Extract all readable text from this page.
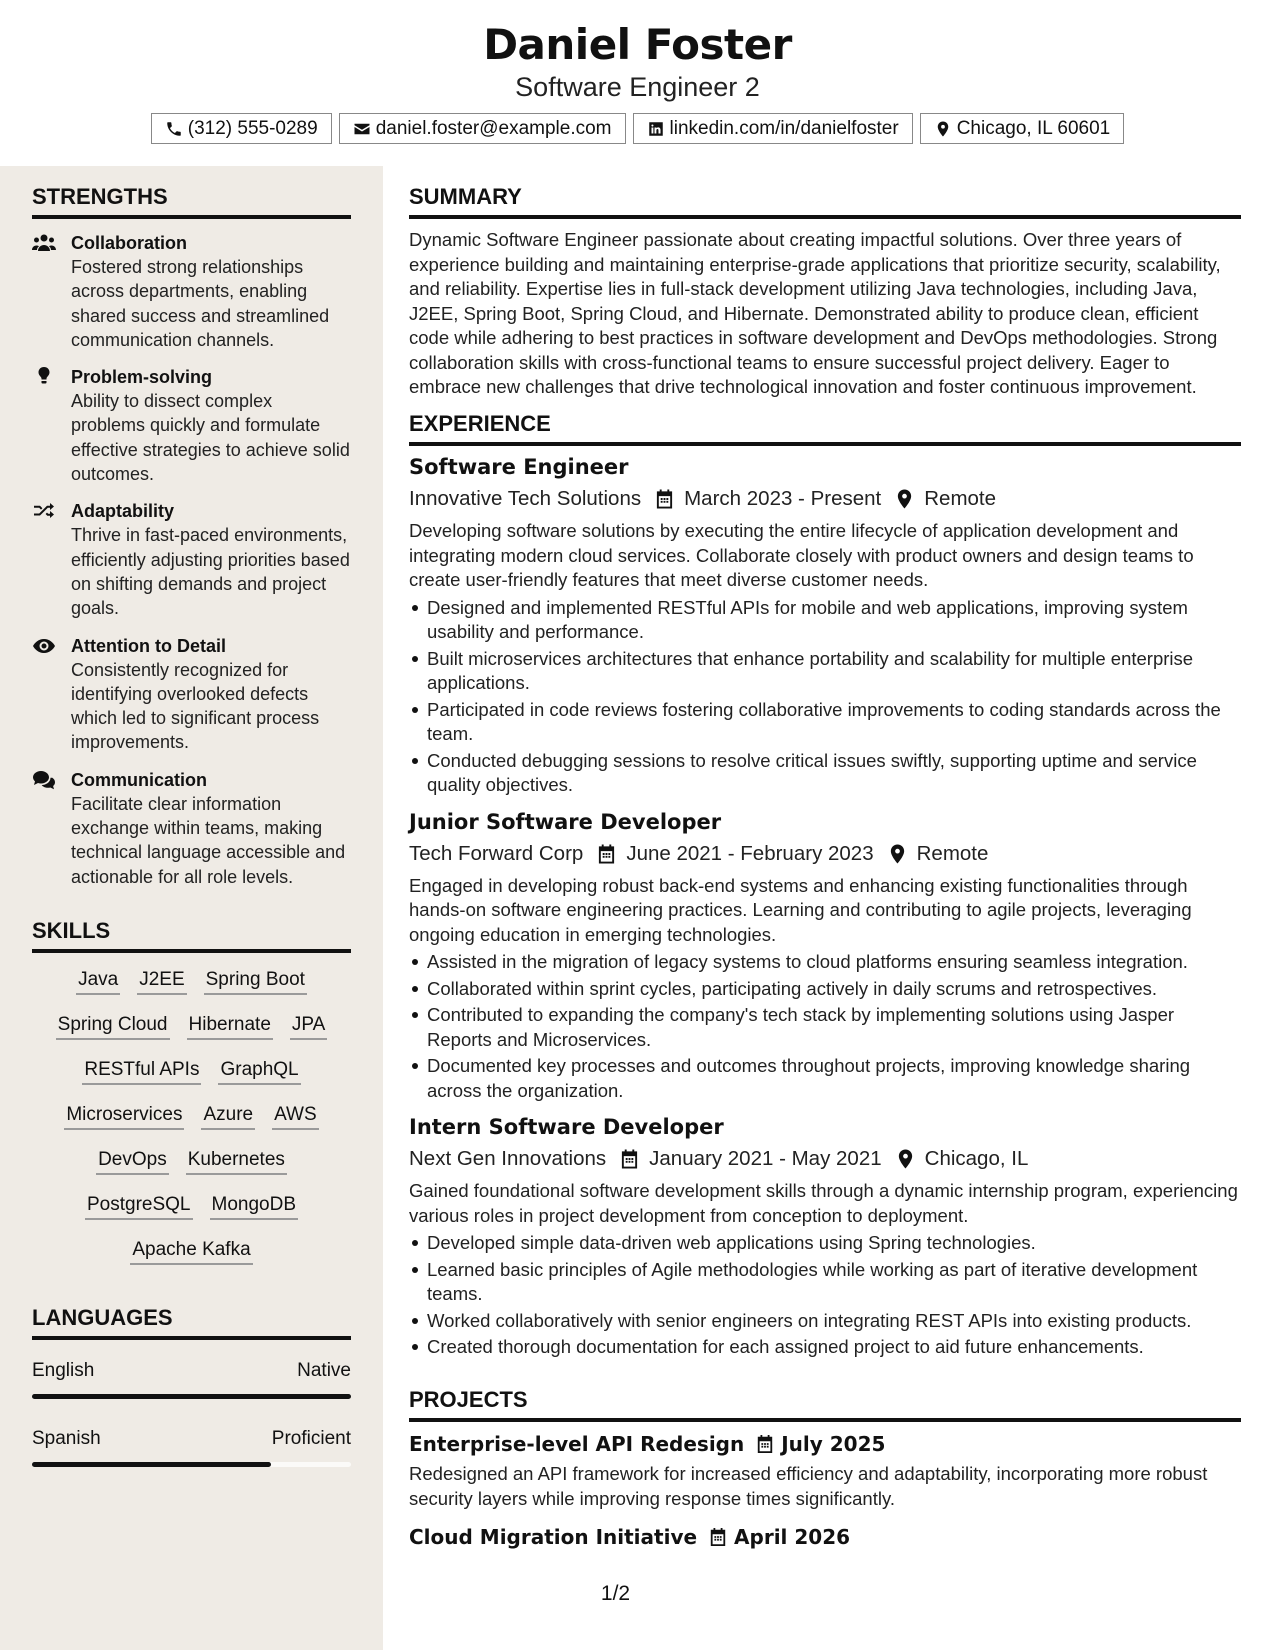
Daniel Foster
Software Engineer 2
(312) 555-0289	daniel.foster@example.com	linkedin.com/in/danielfoster	Chicago, IL 60601
STRENGTHS
Collaboration
Fostered strong relationships across departments, enabling shared success and streamlined communication channels.
Problem-solving
Ability to dissect complex problems quickly and formulate effective strategies to achieve solid outcomes.
Adaptability
Thrive in fast-paced environments, efficiently adjusting priorities based on shifting demands and project goals.
Attention to Detail
Consistently recognized for identifying overlooked defects which led to significant process improvements.
Communication
Facilitate clear information exchange within teams, making technical language accessible and actionable for all role levels.
SKILLS
Java J2EE Spring Boot
Spring Cloud Hibernate JPA
RESTful APIs GraphQL
Microservices Azure AWS
DevOps Kubernetes
PostgreSQL MongoDB
Apache Kafka
LANGUAGES
English	Native
Spanish	Proficient
SUMMARY
Dynamic Software Engineer passionate about creating impactful solutions. Over three years of experience building and maintaining enterprise-grade applications that prioritize security, scalability, and reliability. Expertise lies in full-stack development utilizing Java technologies, including Java, J2EE, Spring Boot, Spring Cloud, and Hibernate. Demonstrated ability to produce clean, efficient code while adhering to best practices in software development and DevOps methodologies. Strong collaboration skills with cross-functional teams to ensure successful project delivery. Eager to embrace new challenges that drive technological innovation and foster continuous improvement.
EXPERIENCE
Software Engineer
Innovative Tech Solutions March 2023 - Present Remote
Developing software solutions by executing the entire lifecycle of application development and integrating modern cloud services. Collaborate closely with product owners and design teams to create user-friendly features that meet diverse customer needs.
Designed and implemented RESTful APIs for mobile and web applications, improving system usability and performance.
Built microservices architectures that enhance portability and scalability for multiple enterprise applications.
Participated in code reviews fostering collaborative improvements to coding standards across the team.
Conducted debugging sessions to resolve critical issues swiftly, supporting uptime and service quality objectives.
Junior Software Developer
Tech Forward Corp June 2021 - February 2023 Remote
Engaged in developing robust back-end systems and enhancing existing functionalities through hands-on software engineering practices. Learning and contributing to agile projects, leveraging ongoing education in emerging technologies.
Assisted in the migration of legacy systems to cloud platforms ensuring seamless integration.
Collaborated within sprint cycles, participating actively in daily scrums and retrospectives.
Contributed to expanding the company's tech stack by implementing solutions using Jasper Reports and Microservices.
Documented key processes and outcomes throughout projects, improving knowledge sharing across the organization.
Intern Software Developer
Next Gen Innovations January 2021 - May 2021 Chicago, IL
Gained foundational software development skills through a dynamic internship program, experiencing various roles in project development from conception to deployment.
Developed simple data-driven web applications using Spring technologies.
Learned basic principles of Agile methodologies while working as part of iterative development teams.
Worked collaboratively with senior engineers on integrating REST APIs into existing products.
Created thorough documentation for each assigned project to aid future enhancements.
PROJECTS
Enterprise-level API Redesign July 2025
Redesigned an API framework for increased efficiency and adaptability, incorporating more robust security layers while improving response times significantly.
Cloud Migration Initiative April 2026
1/2
